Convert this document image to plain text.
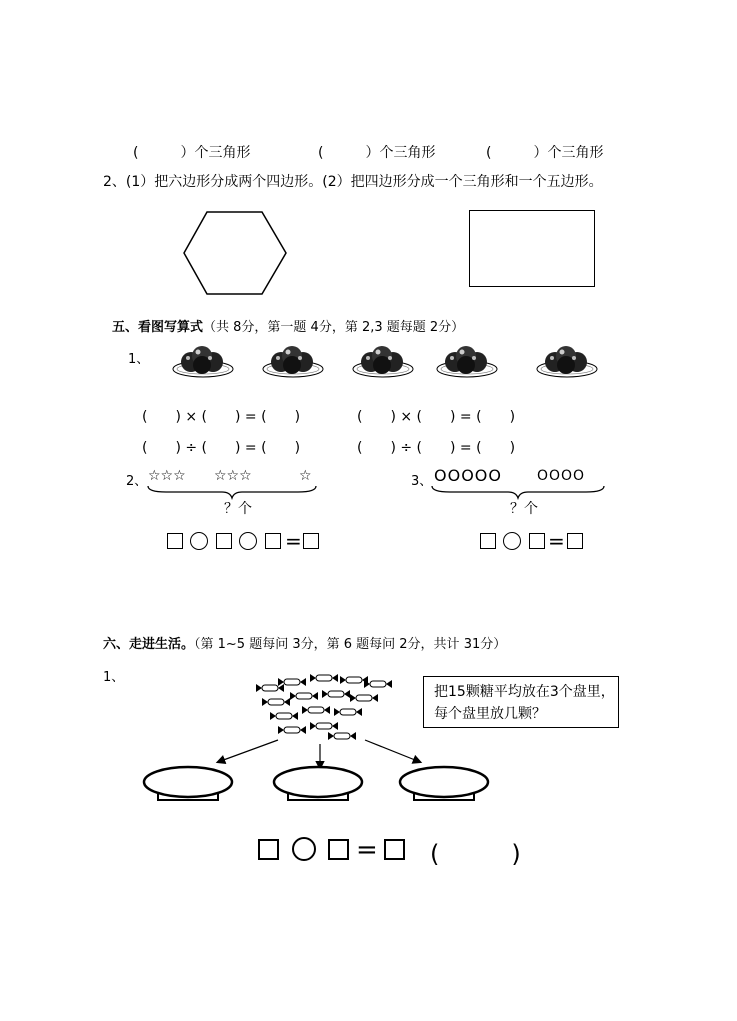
(　　　）个三角形	(　　　）个三角形	(　　　）个三角形
2、(1）把六边形分成两个四边形。(2）把四边形分成一个三角形和一个五边形。
五、看图写算式（共 8分，第一题 4分，第 2,3 题每题 2分）
1、
(　　) × (　　) = (　　)	(　　) × (　　) = (　　)
(　　) ÷ (　　) = (　　)	(　　) ÷ (　　) = (　　)
2、 ☆☆☆ ☆☆☆	☆
？个
=
3、 OOOOO	OOOO
？个
=
六、走进生活。（第 1~5 题每问 3分，第 6 题每问 2分，共计 31分）
1、
把15颗糖平均放在3个盘里，每个盘里放几颗？
= (　　　)
